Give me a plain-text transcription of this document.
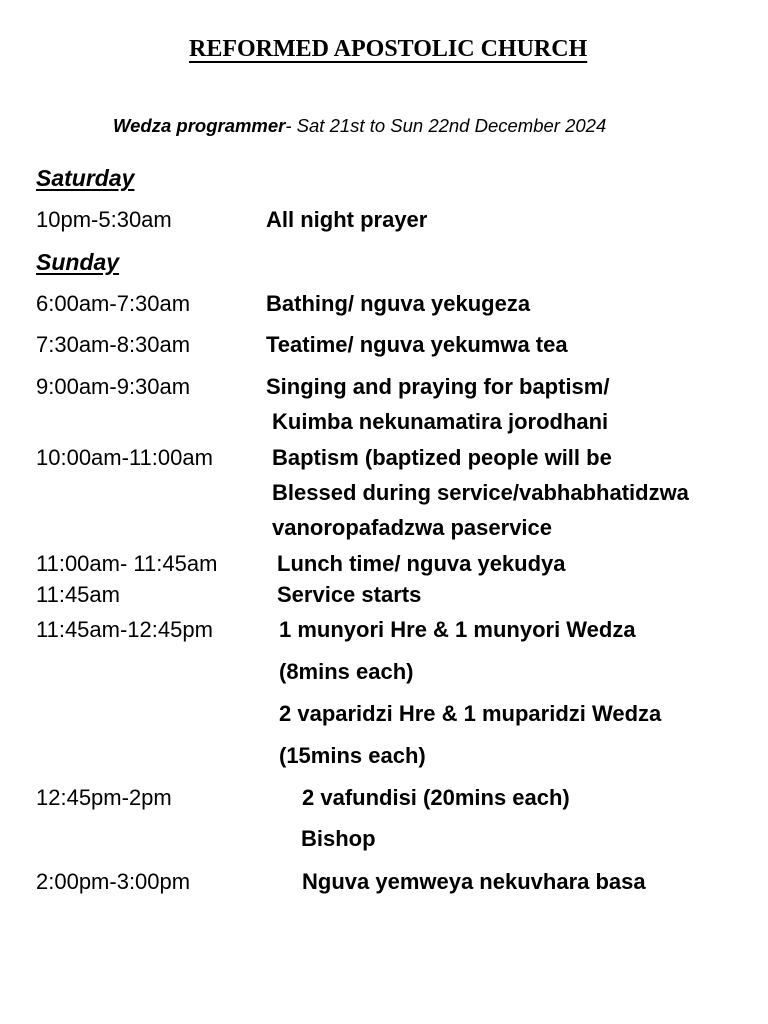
REFORMED APOSTOLIC CHURCH
Wedza programmer- Sat 21st to Sun 22nd December 2024
Saturday
10pm-5:30am	All night prayer
Sunday
6:00am-7:30am	Bathing/ nguva yekugeza
7:30am-8:30am	Teatime/ nguva yekumwa tea
9:00am-9:30am	Singing and praying for baptism/
Kuimba nekunamatira jorodhani
10:00am-11:00am	Baptism (baptized people will be
Blessed during service/vabhabhatidzwa
vanoropafadzwa paservice
11:00am- 11:45am	Lunch time/ nguva yekudya
11:45am	Service starts
11:45am-12:45pm	1 munyori Hre & 1 munyori Wedza
(8mins each)
2 vaparidzi Hre & 1 muparidzi Wedza
(15mins each)
12:45pm-2pm	2 vafundisi (20mins each)
Bishop
2:00pm-3:00pm	Nguva yemweya nekuvhara basa
